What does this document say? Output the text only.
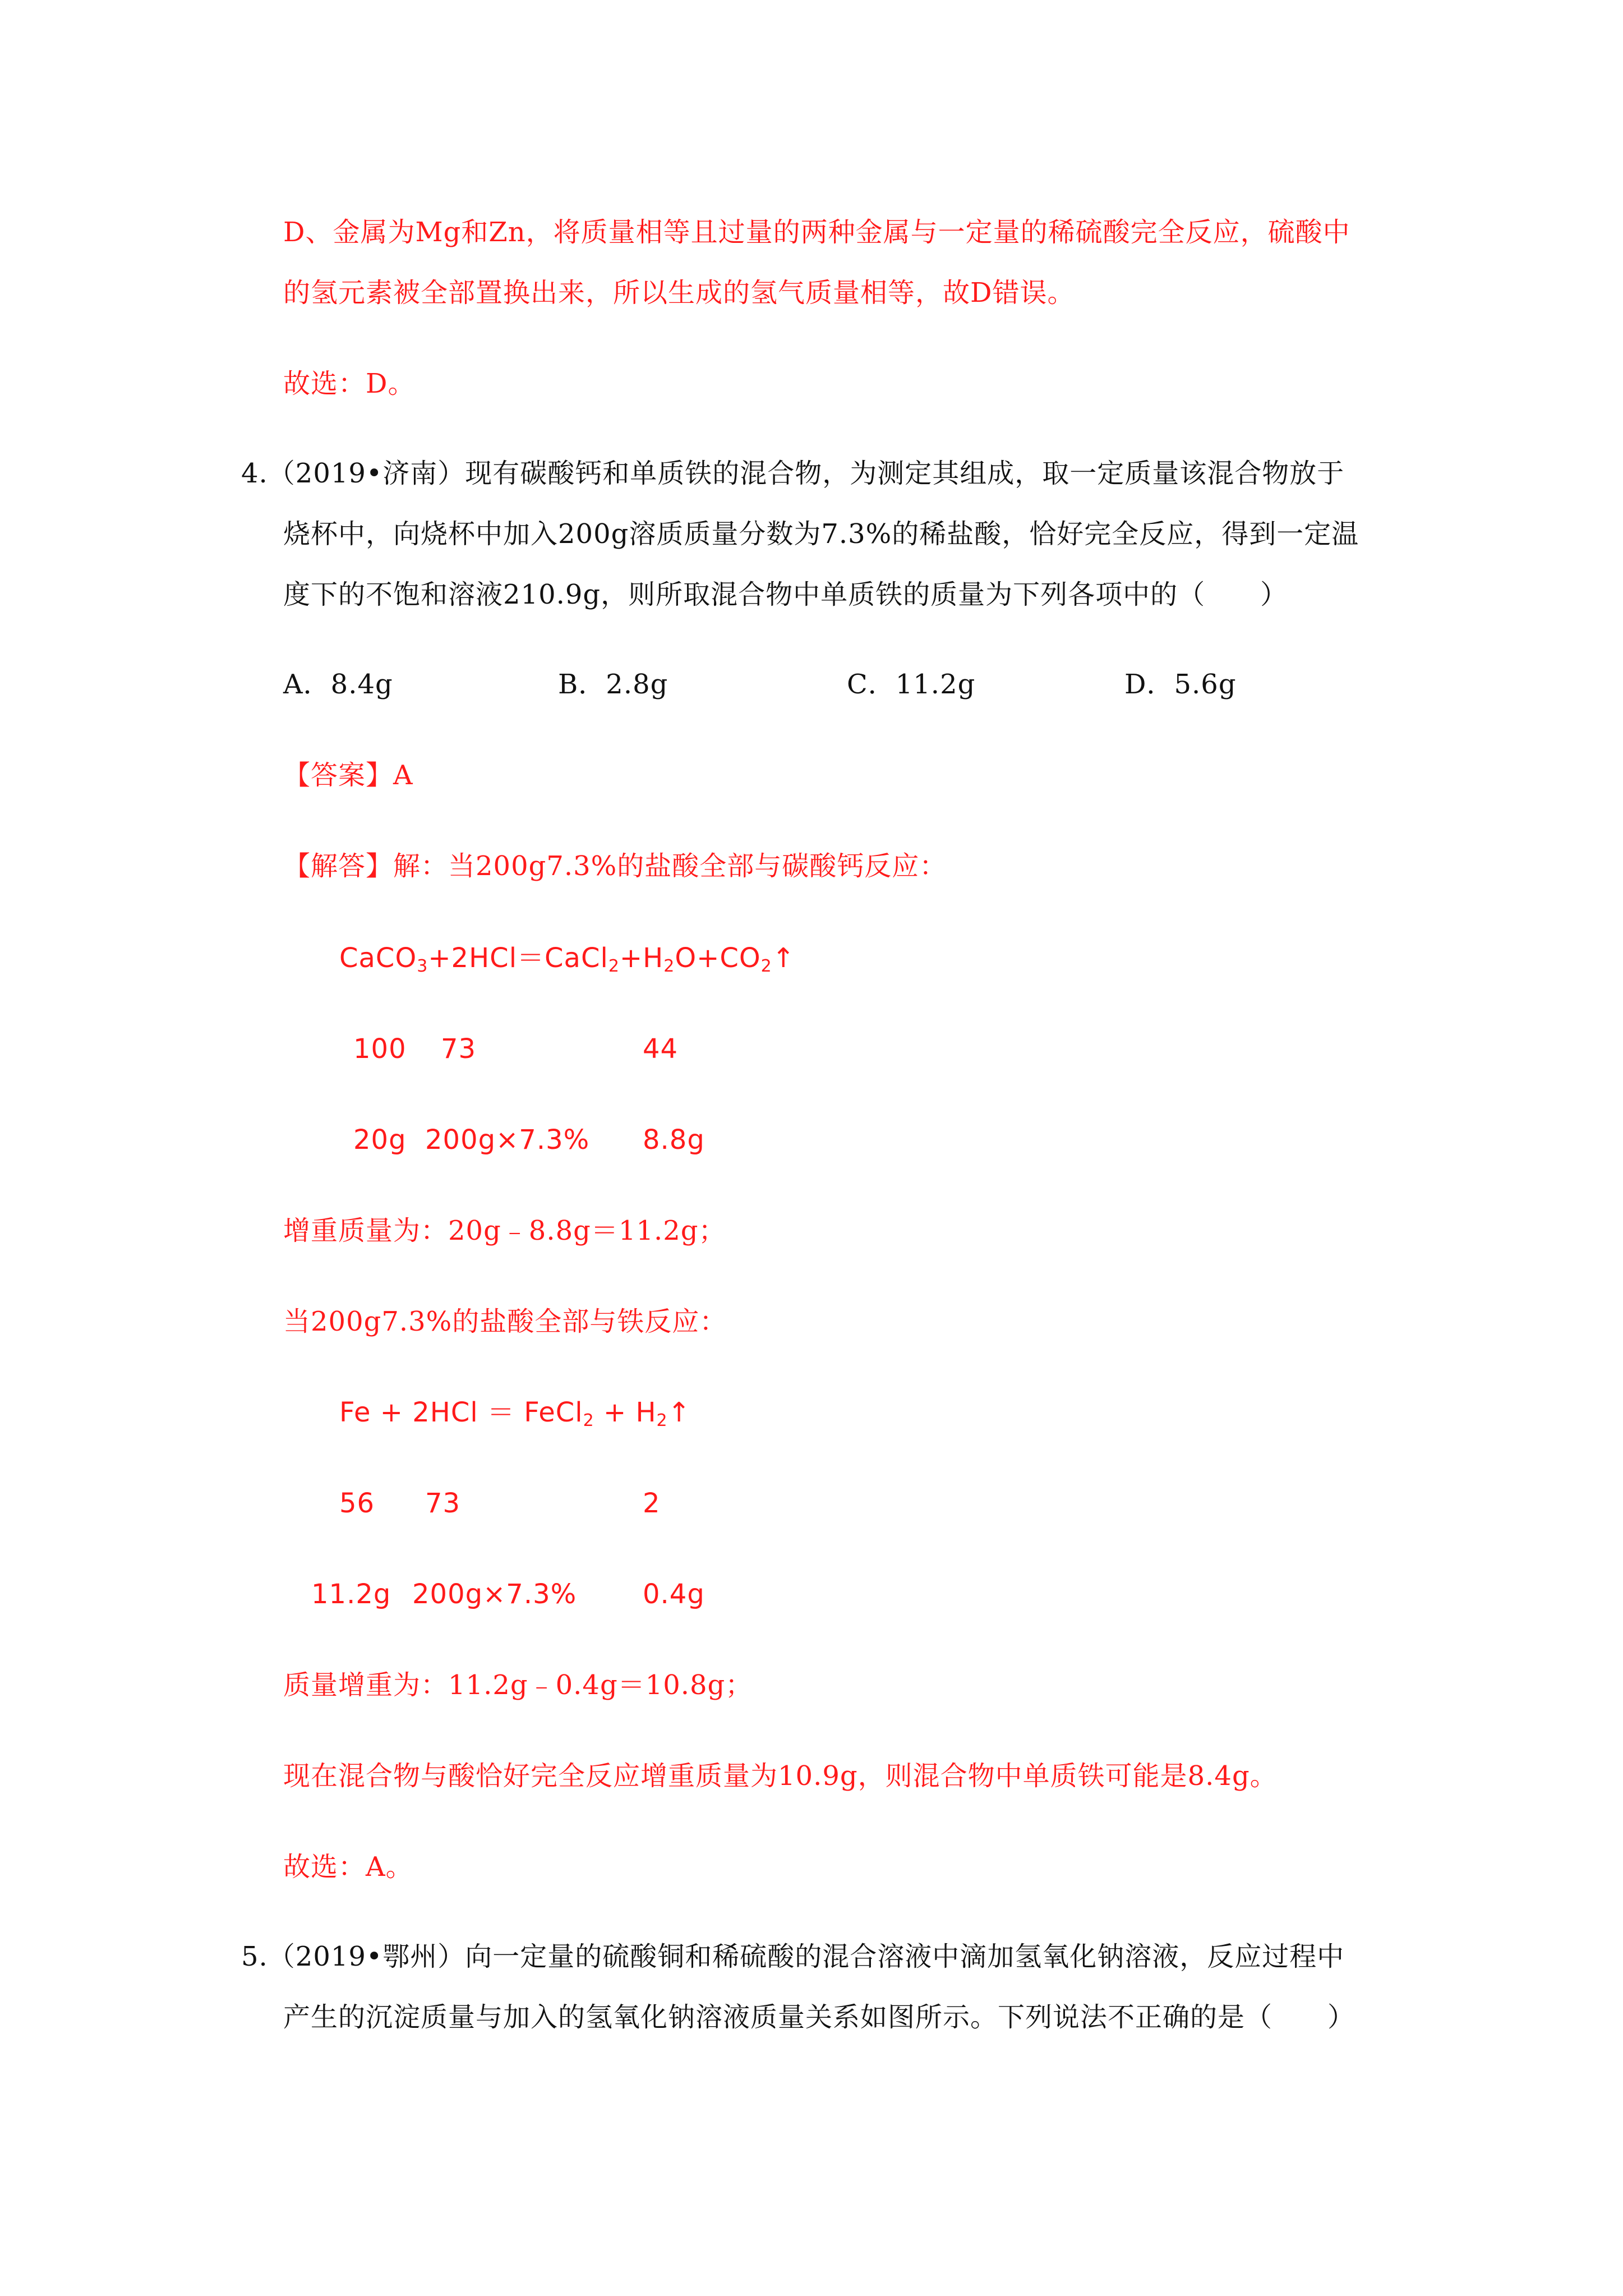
D、金属为Mg和Zn，将质量相等且过量的两种金属与一定量的稀硫酸完全反应，硫酸中
的氢元素被全部置换出来，所以生成的氢气质量相等，故D错误。
故选：D。
4.（2019•济南）现有碳酸钙和单质铁的混合物，为测定其组成，取一定质量该混合物放于
烧杯中，向烧杯中加入200g溶质质量分数为7.3%的稀盐酸，恰好完全反应，得到一定温
度下的不饱和溶液210.9g，则所取混合物中单质铁的质量为下列各项中的（　　）
A．8.4g	B．2.8g	C．11.2g	D．5.6g
【答案】A
【解答】解：当200g7.3%的盐酸全部与碳酸钙反应：
$CaCO_3+2HCl=CaCl_2+H_2O+CO_2↑$
100 73	44
20g 200g×7.3% 8.8g
增重质量为：20g﹣8.8g＝11.2g；
当200g7.3%的盐酸全部与铁反应：
Fe + 2HCl ＝ FeCl$_2$ + $H_2↑$
56 73	2
11.2g 200g×7.3% 0.4g
质量增重为：11.2g﹣0.4g＝10.8g；
现在混合物与酸恰好完全反应增重质量为10.9g，则混合物中单质铁可能是8.4g。
故选：A。
5.（2019•鄂州）向一定量的硫酸铜和稀硫酸的混合溶液中滴加氢氧化钠溶液，反应过程中
产生的沉淀质量与加入的氢氧化钠溶液质量关系如图所示。下列说法不正确的是（　　）
